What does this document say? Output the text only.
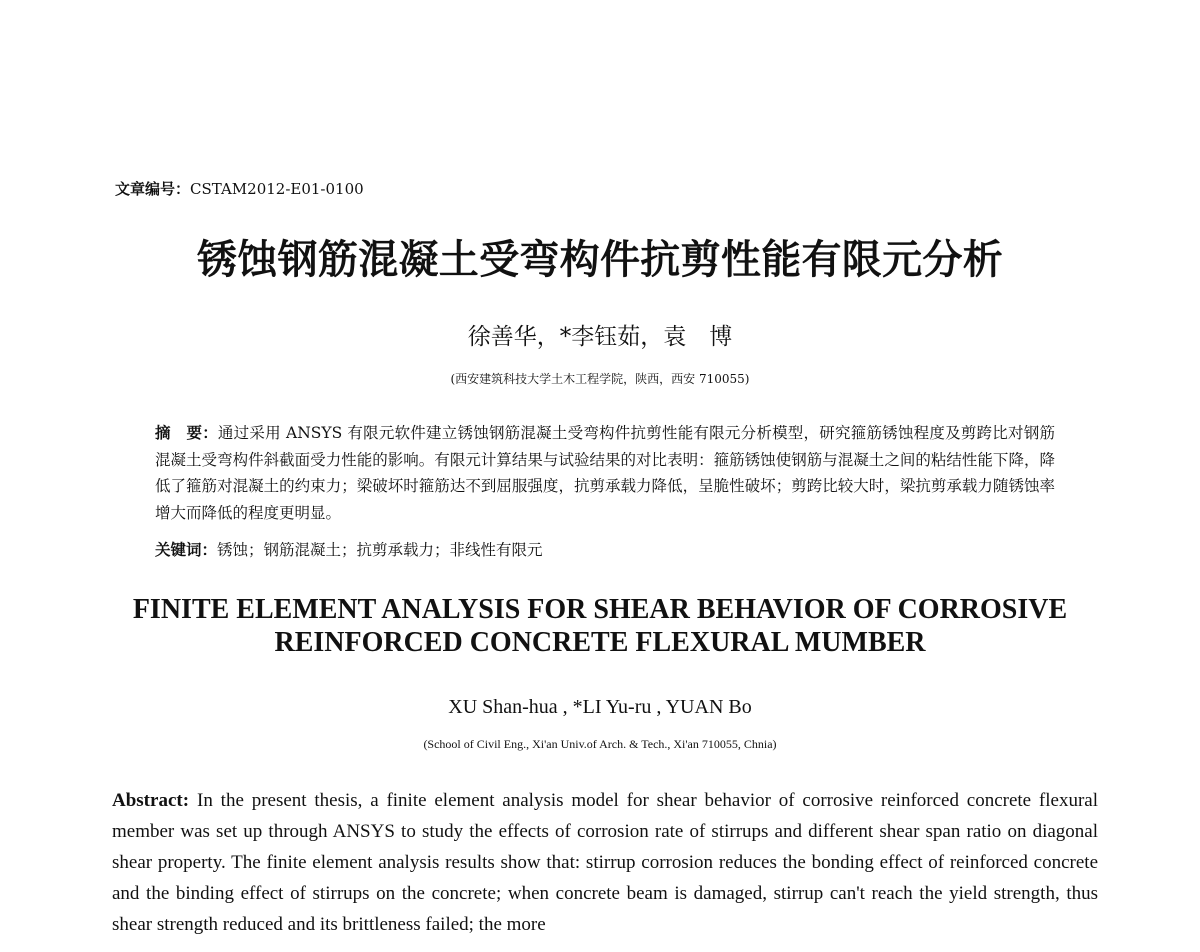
文章编号：CSTAM2012-E01-0100
锈蚀钢筋混凝土受弯构件抗剪性能有限元分析
徐善华，*李钰茹，袁　博
(西安建筑科技大学土木工程学院，陕西，西安 710055)
摘　要：通过采用 ANSYS 有限元软件建立锈蚀钢筋混凝土受弯构件抗剪性能有限元分析模型，研究箍筋锈蚀程度及剪跨比对钢筋混凝土受弯构件斜截面受力性能的影响。有限元计算结果与试验结果的对比表明：箍筋锈蚀使钢筋与混凝土之间的粘结性能下降，降低了箍筋对混凝土的约束力；梁破坏时箍筋达不到屈服强度，抗剪承载力降低，呈脆性破坏；剪跨比较大时，梁抗剪承载力随锈蚀率增大而降低的程度更明显。
关键词：锈蚀；钢筋混凝土；抗剪承载力；非线性有限元
FINITE ELEMENT ANALYSIS FOR SHEAR BEHAVIOR OF CORROSIVE
REINFORCED CONCRETE FLEXURAL MUMBER
XU Shan-hua , *LI Yu-ru , YUAN Bo
(School of Civil Eng., Xi'an Univ.of Arch. & Tech., Xi'an 710055, Chnia)
Abstract: In the present thesis, a finite element analysis model for shear behavior of corrosive reinforced concrete flexural member was set up through ANSYS to study the effects of corrosion rate of stirrups and different shear span ratio on diagonal shear property. The finite element analysis results show that: stirrup corrosion reduces the bonding effect of reinforced concrete and the binding effect of stirrups on the concrete; when concrete beam is damaged, stirrup can't reach the yield strength, thus shear strength reduced and its brittleness failed; the more
